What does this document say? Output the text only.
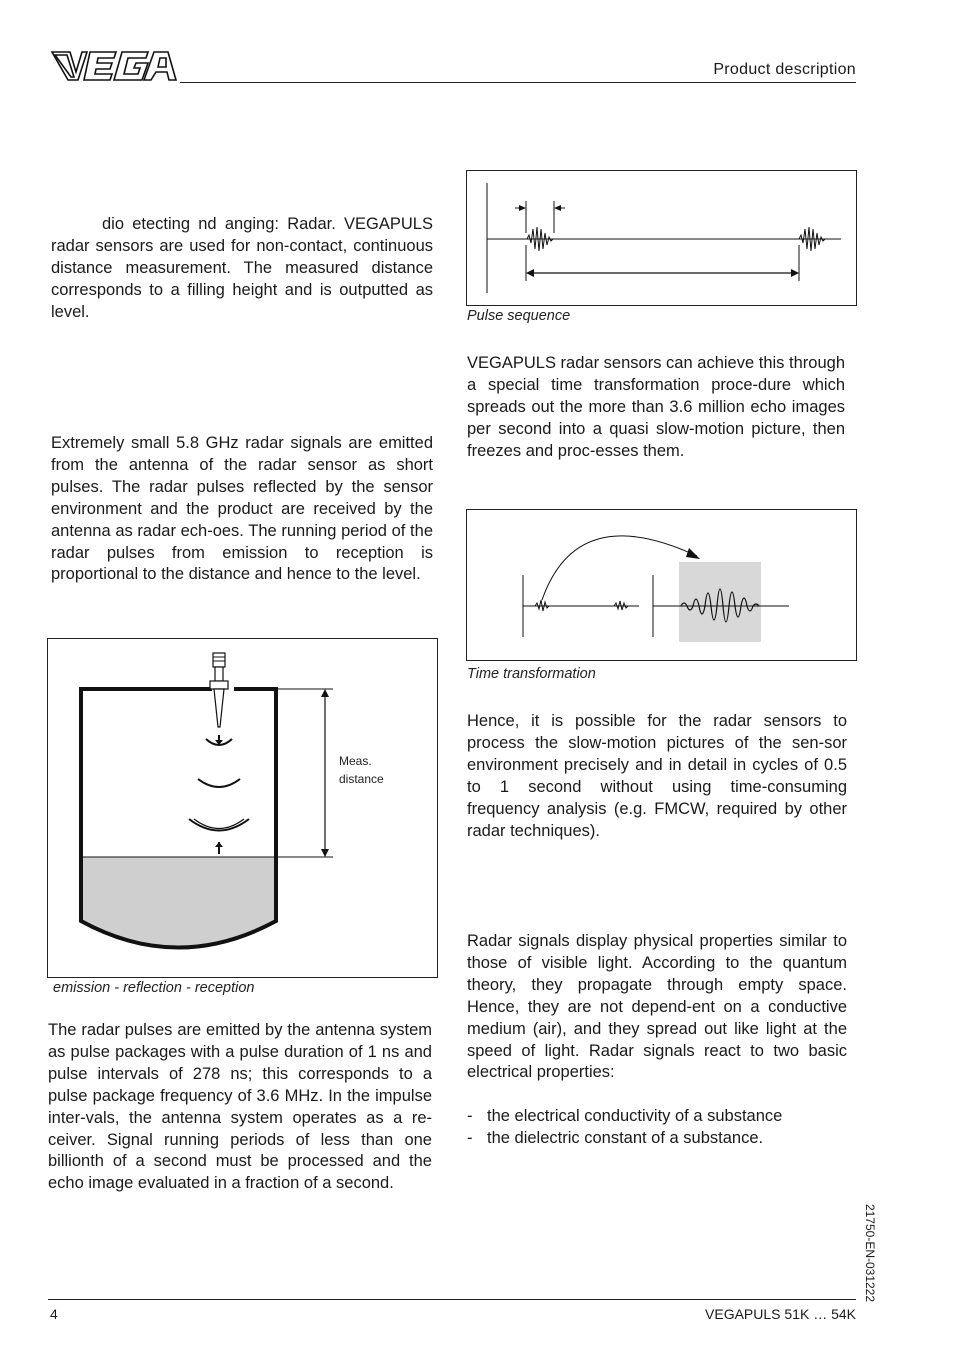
Product description

dio etecting nd anging: Radar. VEGAPULS radar sensors are used for non-contact, continuous distance measurement. The measured distance corresponds to a filling height and is outputted as level.

Extremely small 5.8 GHz radar signals are emitted from the antenna of the radar sensor as short pulses. The radar pulses reflected by the sensor environment and the product are received by the antenna as radar ech-oes. The running period of the radar pulses from emission to reception is proportional to the distance and hence to the level.

Meas.
distance
emission - reflection - reception

The radar pulses are emitted by the antenna system as pulse packages with a pulse duration of 1 ns and pulse intervals of 278 ns; this corresponds to a pulse package frequency of 3.6 MHz. In the impulse inter-vals, the antenna system operates as a re-ceiver. Signal running periods of less than one billionth of a second must be processed and the echo image evaluated in a fraction of a second.

Pulse sequence

VEGAPULS radar sensors can achieve this through a special time transformation proce-dure which spreads out the more than 3.6 million echo images per second into a quasi slow-motion picture, then freezes and proc-esses them.

Time transformation

Hence, it is possible for the radar sensors to process the slow-motion pictures of the sen-sor environment precisely and in detail in cycles of 0.5 to 1 second without using time-consuming frequency analysis (e.g. FMCW, required by other radar techniques).

Radar signals display physical properties similar to those of visible light. According to the quantum theory, they propagate through empty space. Hence, they are not depend-ent on a conductive medium (air), and they spread out like light at the speed of light. Radar signals react to two basic electrical properties:

- the electrical conductivity of a substance
- the dielectric constant of a substance.
21750-EN-031222
4	VEGAPULS 51K … 54K
